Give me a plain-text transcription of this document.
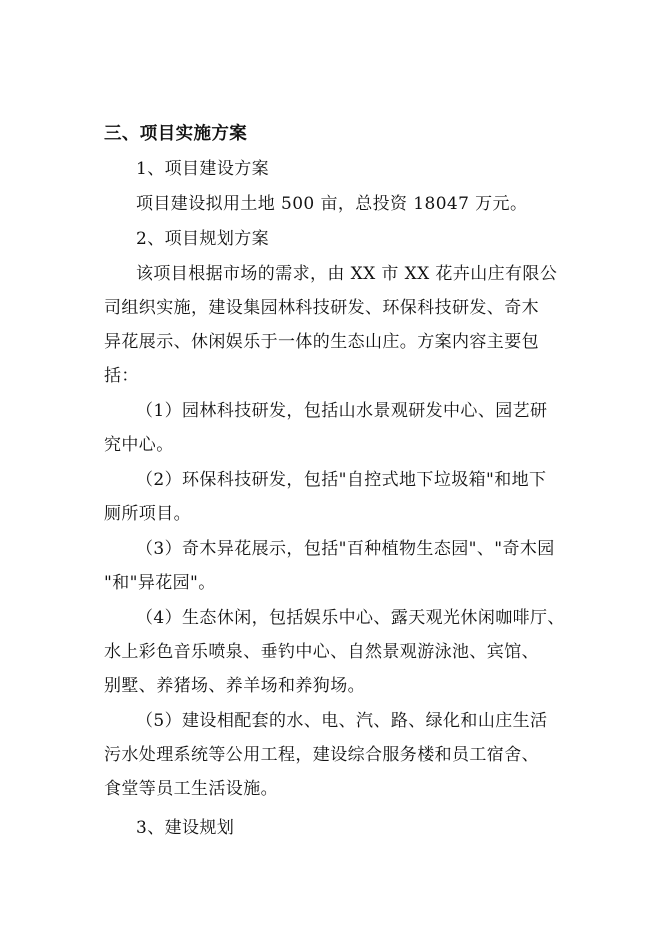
三、项目实施方案
1、项目建设方案
项目建设拟用土地 500 亩，总投资 18047 万元。
2、项目规划方案
该项目根据市场的需求，由 XX 市 XX 花卉山庄有限公
司组织实施，建设集园林科技研发、环保科技研发、奇木
异花展示、休闲娱乐于一体的生态山庄。方案内容主要包
括：
（1）园林科技研发，包括山水景观研发中心、园艺研
究中心。
（2）环保科技研发，包括"自控式地下垃圾箱"和地下
厕所项目。
（3）奇木异花展示，包括"百种植物生态园"、"奇木园
"和"异花园"。
（4）生态休闲，包括娱乐中心、露天观光休闲咖啡厅、
水上彩色音乐喷泉、垂钓中心、自然景观游泳池、宾馆、
别墅、养猪场、养羊场和养狗场。
（5）建设相配套的水、电、汽、路、绿化和山庄生活
污水处理系统等公用工程，建设综合服务楼和员工宿舍、
食堂等员工生活设施。
3、建设规划
